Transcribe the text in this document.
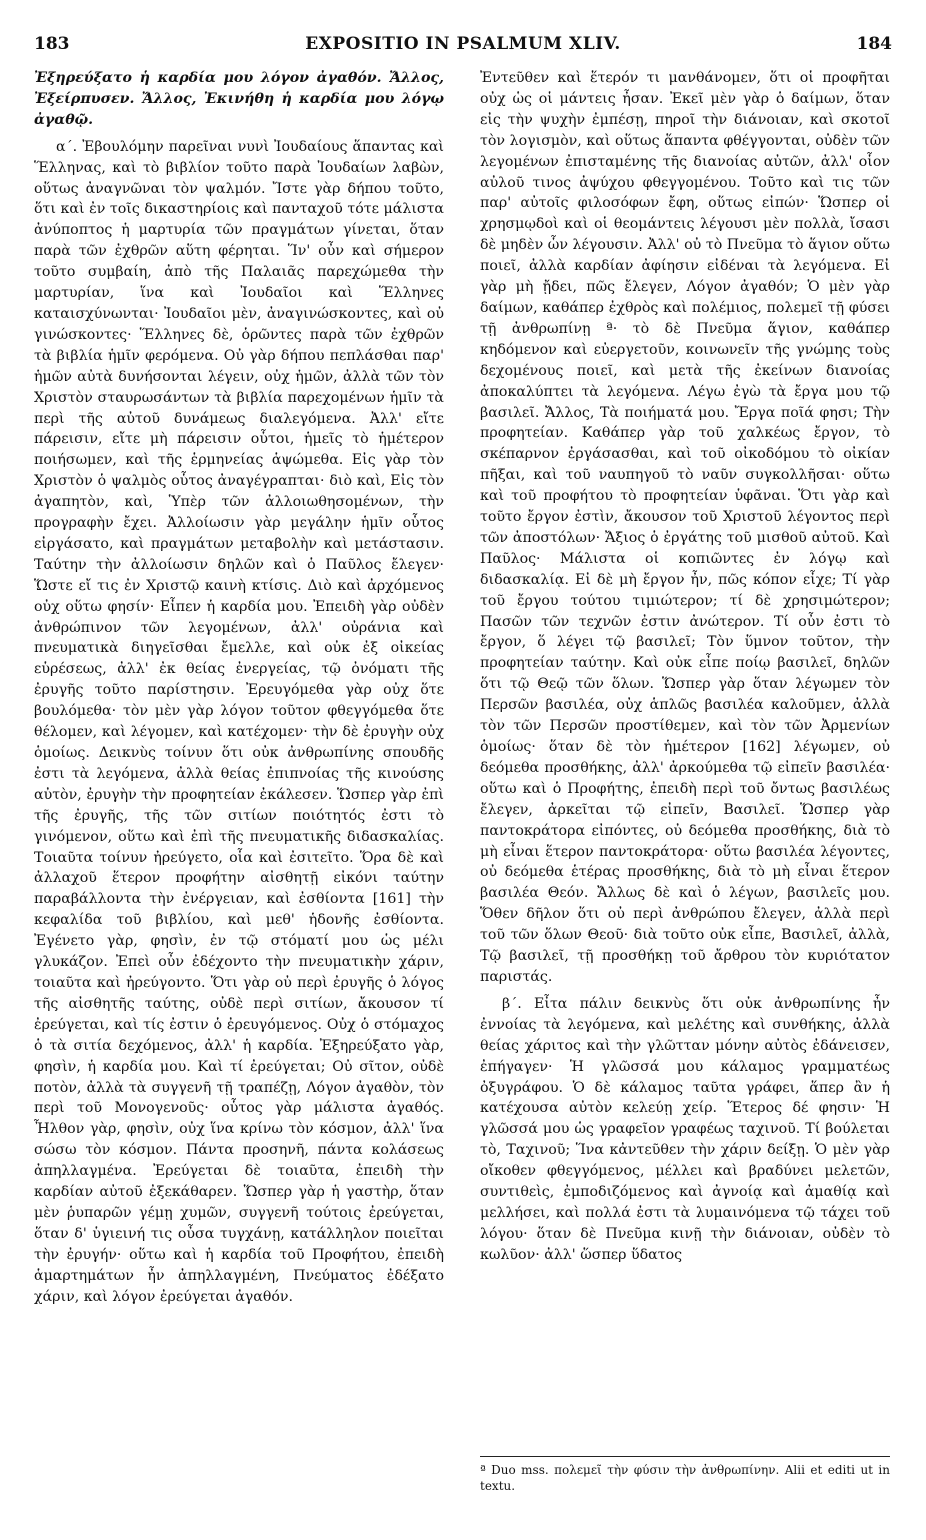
183	EXPOSITIO IN PSALMUM XLIV.	184

Ἐξηρεύξατο ἡ καρδία μου λόγον ἀγαθόν. Ἄλλος, Ἐξείρπυσεν. Ἄλλος, Ἐκινήθη ἡ καρδία μου λόγῳ ἀγαθῷ.

α΄. Ἐβουλόμην παρεῖναι νυνὶ Ἰουδαίους ἅπαντας καὶ Ἕλληνας, καὶ τὸ βιβλίον τοῦτο παρὰ Ἰουδαίων λαβὼν, οὕτως ἀναγνῶναι τὸν ψαλμόν. Ἴστε γὰρ δήπου τοῦτο, ὅτι καὶ ἐν τοῖς δικαστηρίοις καὶ πανταχοῦ τότε μάλιστα ἀνύποπτος ἡ μαρτυρία τῶν πραγμάτων γίνεται, ὅταν παρὰ τῶν ἐχθρῶν αὕτη φέρηται. Ἵν' οὖν καὶ σήμερον τοῦτο συμβαίη, ἀπὸ τῆς Παλαιᾶς παρεχώμεθα τὴν μαρτυρίαν, ἵνα καὶ Ἰουδαῖοι καὶ Ἕλληνες καταισχύνωνται· Ἰουδαῖοι μὲν, ἀναγινώσκοντες, καὶ οὐ γινώσκοντες· Ἕλληνες δὲ, ὁρῶντες παρὰ τῶν ἐχθρῶν τὰ βιβλία ἡμῖν φερόμενα. Οὐ γὰρ δήπου πεπλάσθαι παρ' ἡμῶν αὐτὰ δυνήσονται λέγειν, οὐχ ἡμῶν, ἀλλὰ τῶν τὸν Χριστὸν σταυρωσάντων τὰ βιβλία παρεχομένων ἡμῖν τὰ περὶ τῆς αὐτοῦ δυνάμεως διαλεγόμενα. Ἀλλ' εἴτε πάρεισιν, εἴτε μὴ πάρεισιν οὗτοι, ἡμεῖς τὸ ἡμέτερον ποιήσωμεν, καὶ τῆς ἑρμηνείας ἁψώμεθα. Εἰς γὰρ τὸν Χριστὸν ὁ ψαλμὸς οὗτος ἀναγέγραπται· διὸ καὶ, Εἰς τὸν ἀγαπητὸν, καὶ, Ὑπὲρ τῶν ἀλλοιωθησομένων, τὴν προγραφὴν ἔχει. Ἀλλοίωσιν γὰρ μεγάλην ἡμῖν οὗτος εἰργάσατο, καὶ πραγμάτων μεταβολὴν καὶ μετάστασιν. Ταύτην τὴν ἀλλοίωσιν δηλῶν καὶ ὁ Παῦλος ἔλεγεν· Ὥστε εἴ τις ἐν Χριστῷ καινὴ κτίσις. Διὸ καὶ ἀρχόμενος οὐχ οὕτω φησίν· Εἶπεν ἡ καρδία μου. Ἐπειδὴ γὰρ οὐδὲν ἀνθρώπινον τῶν λεγομένων, ἀλλ' οὐράνια καὶ πνευματικὰ διηγεῖσθαι ἔμελλε, καὶ οὐκ ἐξ οἰκείας εὑρέσεως, ἀλλ' ἐκ θείας ἐνεργείας, τῷ ὀνόματι τῆς ἐρυγῆς τοῦτο παρίστησιν. Ἐρευγόμεθα γὰρ οὐχ ὅτε βουλόμεθα· τὸν μὲν γὰρ λόγον τοῦτον φθεγγόμεθα ὅτε θέλομεν, καὶ λέγομεν, καὶ κατέχομεν· τὴν δὲ ἐρυγὴν οὐχ ὁμοίως. Δεικνὺς τοίνυν ὅτι οὐκ ἀνθρωπίνης σπουδῆς ἐστι τὰ λεγόμενα, ἀλλὰ θείας ἐπιπνοίας τῆς κινούσης αὐτὸν, ἐρυγὴν τὴν προφητείαν ἐκάλεσεν. Ὥσπερ γὰρ ἐπὶ τῆς ἐρυγῆς, τῆς τῶν σιτίων ποιότητός ἐστι τὸ γινόμενον, οὕτω καὶ ἐπὶ τῆς πνευματικῆς διδασκαλίας. Τοιαῦτα τοίνυν ἠρεύγετο, οἷα καὶ ἐσιτεῖτο. Ὅρα δὲ καὶ ἀλλαχοῦ ἕτερον προφήτην αἰσθητῇ εἰκόνι ταύτην παραβάλλοντα τὴν ἐνέργειαν, καὶ ἐσθίοντα [161] τὴν κεφαλίδα τοῦ βιβλίου, καὶ μεθ' ἡδονῆς ἐσθίοντα. Ἐγένετο γὰρ, φησὶν, ἐν τῷ στόματί μου ὡς μέλι γλυκάζον. Ἐπεὶ οὖν ἐδέχοντο τὴν πνευματικὴν χάριν, τοιαῦτα καὶ ἠρεύγοντο. Ὅτι γὰρ οὐ περὶ ἐρυγῆς ὁ λόγος τῆς αἰσθητῆς ταύτης, οὐδὲ περὶ σιτίων, ἄκουσον τί ἐρεύγεται, καὶ τίς ἐστιν ὁ ἐρευγόμενος. Οὐχ ὁ στόμαχος ὁ τὰ σιτία δεχόμενος, ἀλλ' ἡ καρδία. Ἐξηρεύξατο γὰρ, φησὶν, ἡ καρδία μου. Καὶ τί ἐρεύγεται; Οὐ σῖτον, οὐδὲ ποτὸν, ἀλλὰ τὰ συγγενῆ τῇ τραπέζῃ, Λόγον ἀγαθὸν, τὸν περὶ τοῦ Μονογενοῦς· οὗτος γὰρ μάλιστα ἀγαθός. Ἦλθον γὰρ, φησὶν, οὐχ ἵνα κρίνω τὸν κόσμον, ἀλλ' ἵνα σώσω τὸν κόσμον. Πάντα προσηνῆ, πάντα κολάσεως ἀπηλλαγμένα. Ἐρεύγεται δὲ τοιαῦτα, ἐπειδὴ τὴν καρδίαν αὐτοῦ ἐξεκάθαρεν. Ὥσπερ γὰρ ἡ γαστὴρ, ὅταν μὲν ῥυπαρῶν γέμῃ χυμῶν, συγγενῆ τούτοις ἐρεύγεται, ὅταν δ' ὑγιεινή τις οὖσα τυγχάνῃ, κατάλληλον ποιεῖται τὴν ἐρυγήν· οὕτω καὶ ἡ καρδία τοῦ Προφήτου, ἐπειδὴ ἁμαρτημάτων ἦν ἀπηλλαγμένη, Πνεύματος ἐδέξατο χάριν, καὶ λόγον ἐρεύγεται ἀγαθόν.

Ἐντεῦθεν καὶ ἕτερόν τι μανθάνομεν, ὅτι οἱ προφῆται οὐχ ὡς οἱ μάντεις ἦσαν. Ἐκεῖ μὲν γὰρ ὁ δαίμων, ὅταν εἰς τὴν ψυχὴν ἐμπέσῃ, πηροῖ τὴν διάνοιαν, καὶ σκοτοῖ τὸν λογισμὸν, καὶ οὕτως ἅπαντα φθέγγονται, οὐδὲν τῶν λεγομένων ἐπισταμένης τῆς διανοίας αὐτῶν, ἀλλ' οἷον αὐλοῦ τινος ἀψύχου φθεγγομένου. Τοῦτο καὶ τις τῶν παρ' αὐτοῖς φιλοσόφων ἔφη, οὕτως εἰπών· Ὥσπερ οἱ χρησμῳδοὶ καὶ οἱ θεομάντεις λέγουσι μὲν πολλὰ, ἴσασι δὲ μηδὲν ὧν λέγουσιν. Ἀλλ' οὐ τὸ Πνεῦμα τὸ ἅγιον οὕτω ποιεῖ, ἀλλὰ καρδίαν ἀφίησιν εἰδέναι τὰ λεγόμενα. Εἰ γὰρ μὴ ᾔδει, πῶς ἔλεγεν, Λόγον ἀγαθόν; Ὁ μὲν γὰρ δαίμων, καθάπερ ἐχθρὸς καὶ πολέμιος, πολεμεῖ τῇ φύσει τῇ ἀνθρωπίνῃ ª· τὸ δὲ Πνεῦμα ἅγιον, καθάπερ κηδόμενον καὶ εὐεργετοῦν, κοινωνεῖν τῆς γνώμης τοὺς δεχομένους ποιεῖ, καὶ μετὰ τῆς ἐκείνων διανοίας ἀποκαλύπτει τὰ λεγόμενα. Λέγω ἐγὼ τὰ ἔργα μου τῷ βασιλεῖ. Ἄλλος, Τὰ ποιήματά μου. Ἔργα ποῖά φησι; Τὴν προφητείαν. Καθάπερ γὰρ τοῦ χαλκέως ἔργον, τὸ σκέπαρνον ἐργάσασθαι, καὶ τοῦ οἰκοδόμου τὸ οἰκίαν πῆξαι, καὶ τοῦ ναυπηγοῦ τὸ ναῦν συγκολλῆσαι· οὕτω καὶ τοῦ προφήτου τὸ προφητείαν ὑφᾶναι. Ὅτι γὰρ καὶ τοῦτο ἔργον ἐστὶν, ἄκουσον τοῦ Χριστοῦ λέγοντος περὶ τῶν ἀποστόλων· Ἄξιος ὁ ἐργάτης τοῦ μισθοῦ αὐτοῦ. Καὶ Παῦλος· Μάλιστα οἱ κοπιῶντες ἐν λόγῳ καὶ διδασκαλίᾳ. Εἰ δὲ μὴ ἔργον ἦν, πῶς κόπον εἶχε; Τί γὰρ τοῦ ἔργου τούτου τιμιώτερον; τί δὲ χρησιμώτερον; Πασῶν τῶν τεχνῶν ἐστιν ἀνώτερον. Τί οὖν ἐστι τὸ ἔργον, ὅ λέγει τῷ βασιλεῖ; Τὸν ὕμνον τοῦτον, τὴν προφητείαν ταύτην. Καὶ οὐκ εἶπε ποίῳ βασιλεῖ, δηλῶν ὅτι τῷ Θεῷ τῶν ὅλων. Ὥσπερ γὰρ ὅταν λέγωμεν τὸν Περσῶν βασιλέα, οὐχ ἁπλῶς βασιλέα καλοῦμεν, ἀλλὰ τὸν τῶν Περσῶν προστίθεμεν, καὶ τὸν τῶν Ἀρμενίων ὁμοίως· ὅταν δὲ τὸν ἡμέτερον [162] λέγωμεν, οὐ δεόμεθα προσθήκης, ἀλλ' ἀρκούμεθα τῷ εἰπεῖν βασιλέα· οὕτω καὶ ὁ Προφήτης, ἐπειδὴ περὶ τοῦ ὄντως βασιλέως ἔλεγεν, ἀρκεῖται τῷ εἰπεῖν, Βασιλεῖ. Ὥσπερ γὰρ παντοκράτορα εἰπόντες, οὐ δεόμεθα προσθήκης, διὰ τὸ μὴ εἶναι ἕτερον παντοκράτορα· οὕτω βασιλέα λέγοντες, οὐ δεόμεθα ἑτέρας προσθήκης, διὰ τὸ μὴ εἶναι ἕτερον βασιλέα Θεόν. Ἄλλως δὲ καὶ ὁ λέγων, βασιλεῖς μου. Ὅθεν δῆλον ὅτι οὐ περὶ ἀνθρώπου ἔλεγεν, ἀλλὰ περὶ τοῦ τῶν ὅλων Θεοῦ· διὰ τοῦτο οὐκ εἶπε, Βασιλεῖ, ἀλλὰ, Τῷ βασιλεῖ, τῇ προσθήκῃ τοῦ ἄρθρου τὸν κυριότατον παριστάς.

β΄. Εἶτα πάλιν δεικνὺς ὅτι οὐκ ἀνθρωπίνης ἦν ἐννοίας τὰ λεγόμενα, καὶ μελέτης καὶ συνθήκης, ἀλλὰ θείας χάριτος καὶ τὴν γλῶτταν μόνην αὐτὸς ἐδάνεισεν, ἐπήγαγεν· Ἡ γλῶσσά μου κάλαμος γραμματέως ὀξυγράφου. Ὁ δὲ κάλαμος ταῦτα γράφει, ἅπερ ἂν ἡ κατέχουσα αὐτὸν κελεύῃ χείρ. Ἕτερος δέ φησιν· Ἡ γλῶσσά μου ὡς γραφεῖον γραφέως ταχινοῦ. Τί βούλεται τὸ, Ταχινοῦ; Ἵνα κἀντεῦθεν τὴν χάριν δείξῃ. Ὁ μὲν γὰρ οἴκοθεν φθεγγόμενος, μέλλει καὶ βραδύνει μελετῶν, συντιθεὶς, ἐμποδιζόμενος καὶ ἀγνοίᾳ καὶ ἀμαθίᾳ καὶ μελλήσει, καὶ πολλά ἐστι τὰ λυμαινόμενα τῷ τάχει τοῦ λόγου· ὅταν δὲ Πνεῦμα κινῇ τὴν διάνοιαν, οὐδὲν τὸ κωλῦον· ἀλλ' ὥσπερ ὕδατος

ª Duo mss. πολεμεῖ τὴν φύσιν τὴν ἀνθρωπίνην. Alii et editi ut in textu.
